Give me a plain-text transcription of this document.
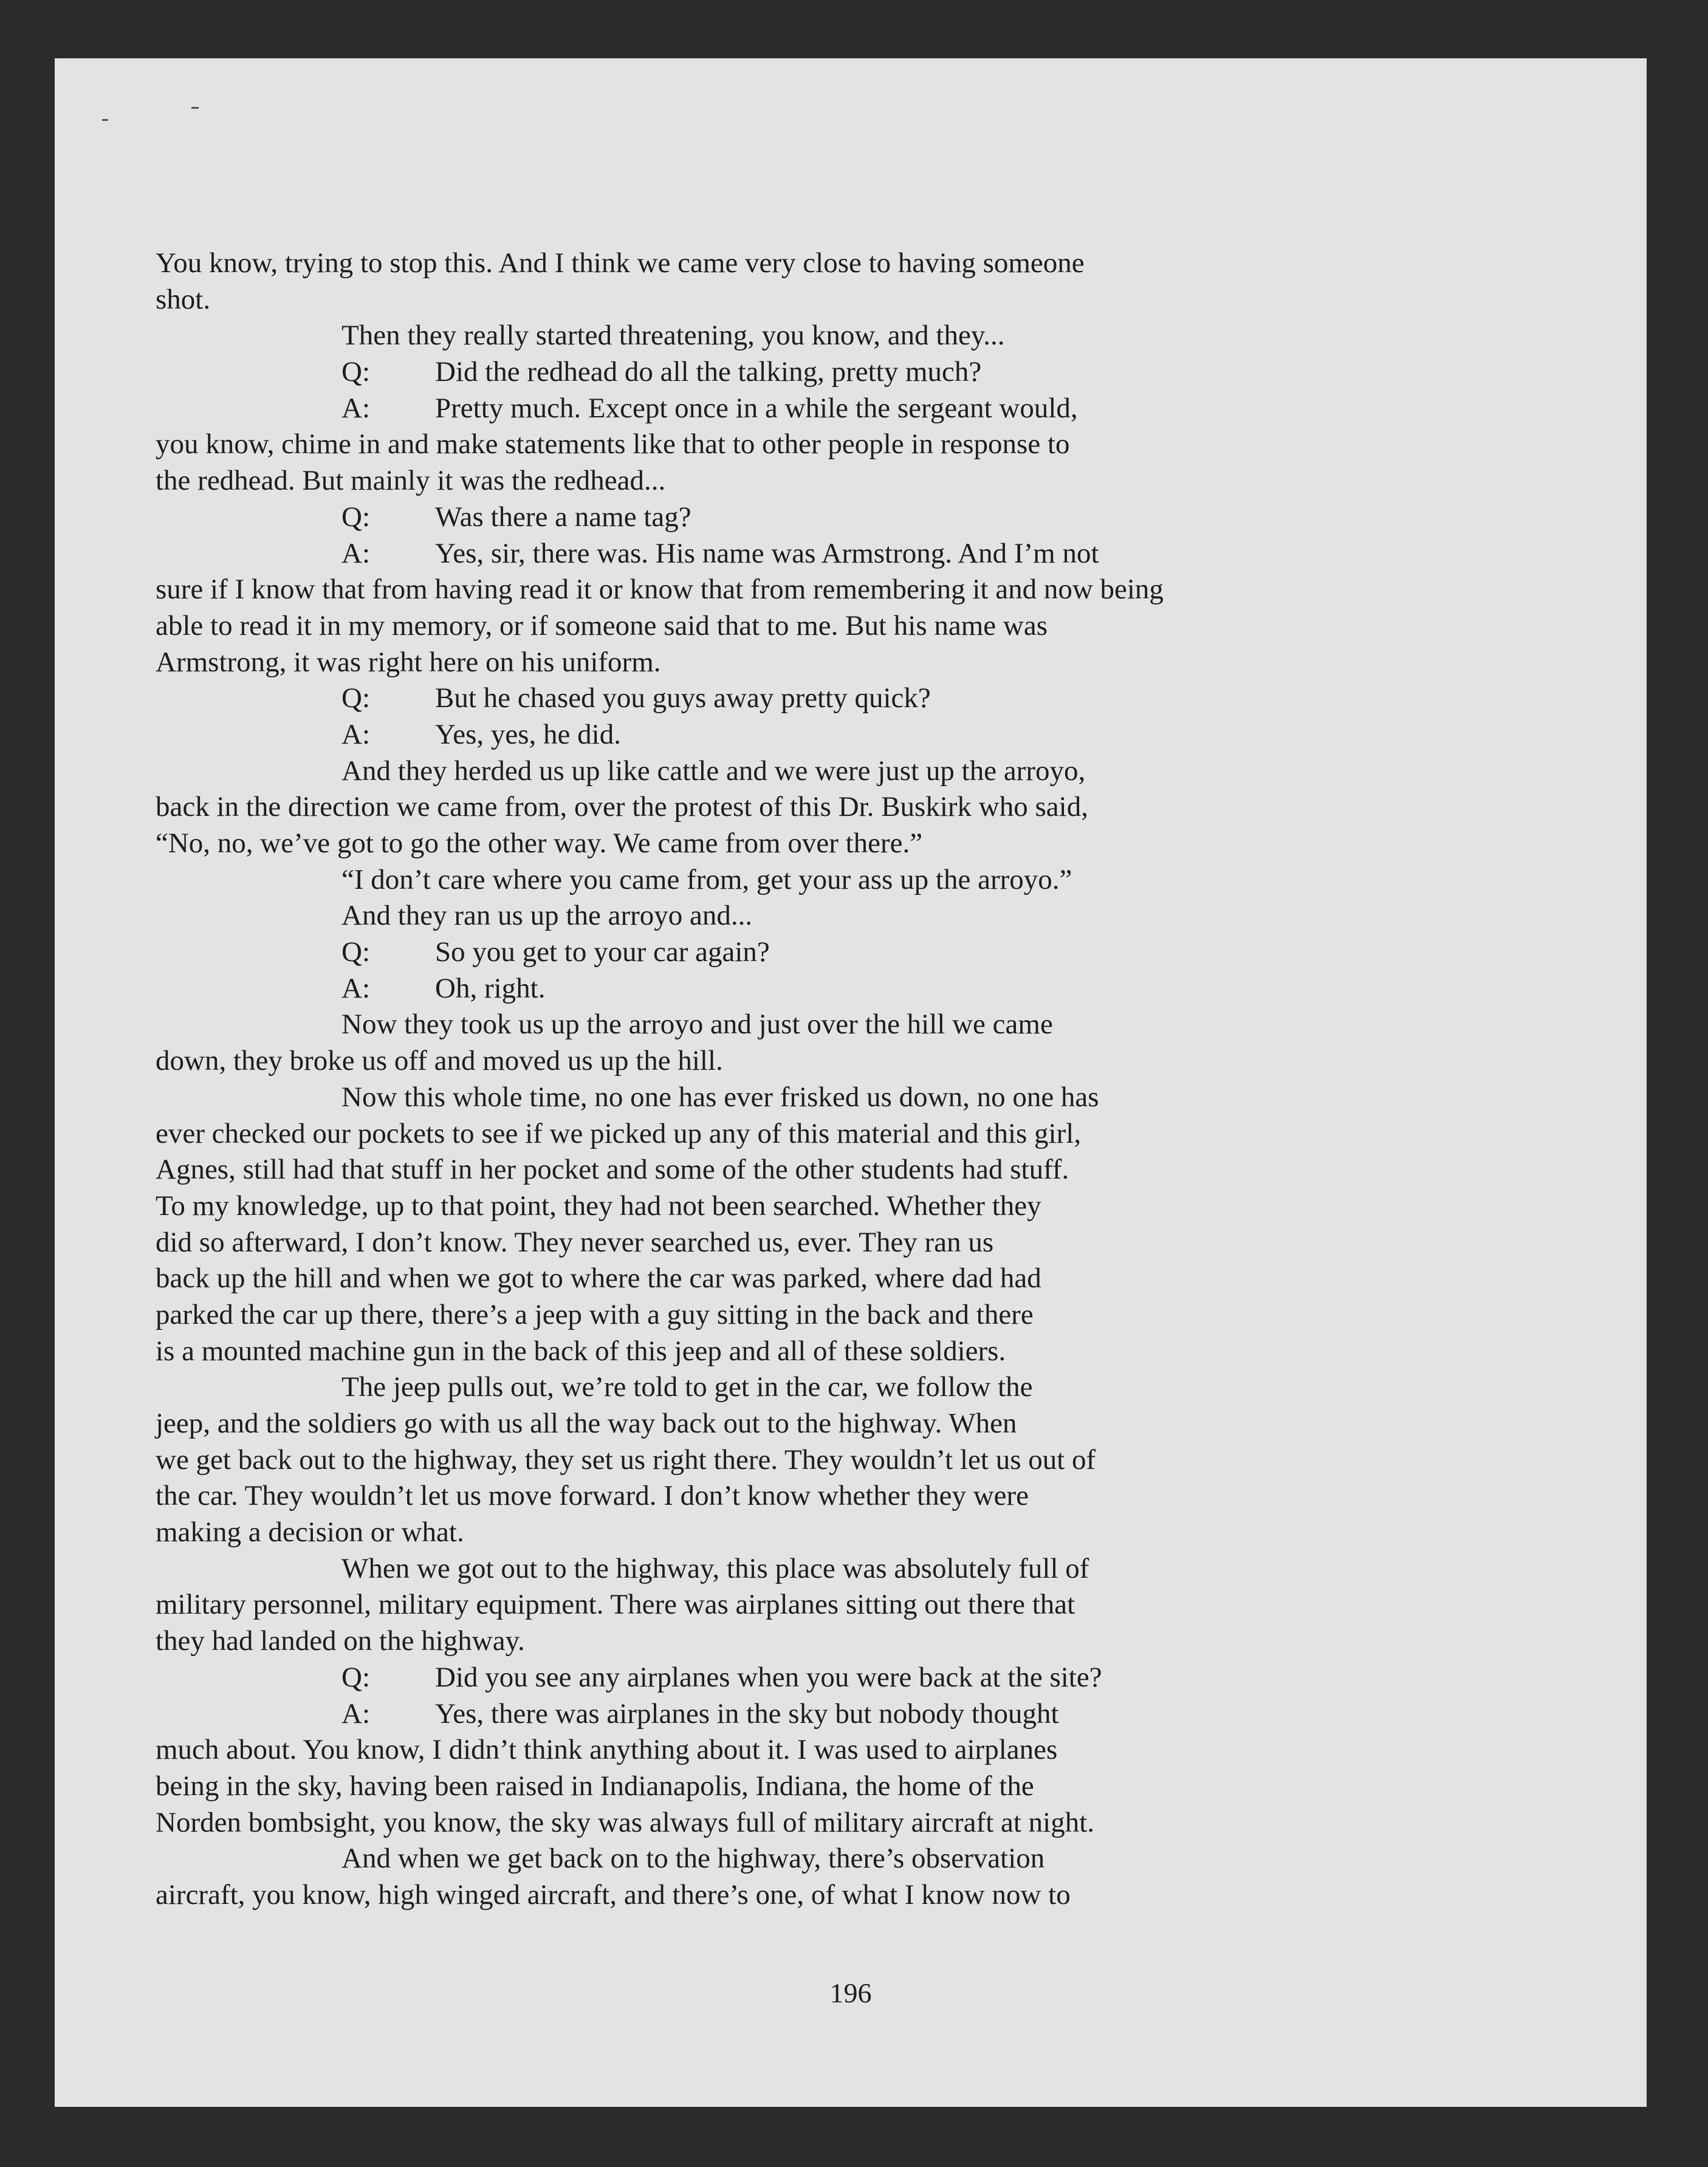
You know, trying to stop this. And I think we came very close to having someone
shot.
Then they really started threatening, you know, and they...
Q: Did the redhead do all the talking, pretty much?
A: Pretty much. Except once in a while the sergeant would,
you know, chime in and make statements like that to other people in response to
the redhead. But mainly it was the redhead...
Q: Was there a name tag?
A: Yes, sir, there was. His name was Armstrong. And I’m not
sure if I know that from having read it or know that from remembering it and now being
able to read it in my memory, or if someone said that to me. But his name was
Armstrong, it was right here on his uniform.
Q: But he chased you guys away pretty quick?
A: Yes, yes, he did.
And they herded us up like cattle and we were just up the arroyo,
back in the direction we came from, over the protest of this Dr. Buskirk who said,
“No, no, we’ve got to go the other way. We came from over there.”
“I don’t care where you came from, get your ass up the arroyo.”
And they ran us up the arroyo and...
Q: So you get to your car again?
A: Oh, right.
Now they took us up the arroyo and just over the hill we came
down, they broke us off and moved us up the hill.
Now this whole time, no one has ever frisked us down, no one has
ever checked our pockets to see if we picked up any of this material and this girl,
Agnes, still had that stuff in her pocket and some of the other students had stuff.
To my knowledge, up to that point, they had not been searched. Whether they
did so afterward, I don’t know. They never searched us, ever. They ran us
back up the hill and when we got to where the car was parked, where dad had
parked the car up there, there’s a jeep with a guy sitting in the back and there
is a mounted machine gun in the back of this jeep and all of these soldiers.
The jeep pulls out, we’re told to get in the car, we follow the
jeep, and the soldiers go with us all the way back out to the highway. When
we get back out to the highway, they set us right there. They wouldn’t let us out of
the car. They wouldn’t let us move forward. I don’t know whether they were
making a decision or what.
When we got out to the highway, this place was absolutely full of
military personnel, military equipment. There was airplanes sitting out there that
they had landed on the highway.
Q: Did you see any airplanes when you were back at the site?
A: Yes, there was airplanes in the sky but nobody thought
much about. You know, I didn’t think anything about it. I was used to airplanes
being in the sky, having been raised in Indianapolis, Indiana, the home of the
Norden bombsight, you know, the sky was always full of military aircraft at night.
And when we get back on to the highway, there’s observation
aircraft, you know, high winged aircraft, and there’s one, of what I know now to
196
